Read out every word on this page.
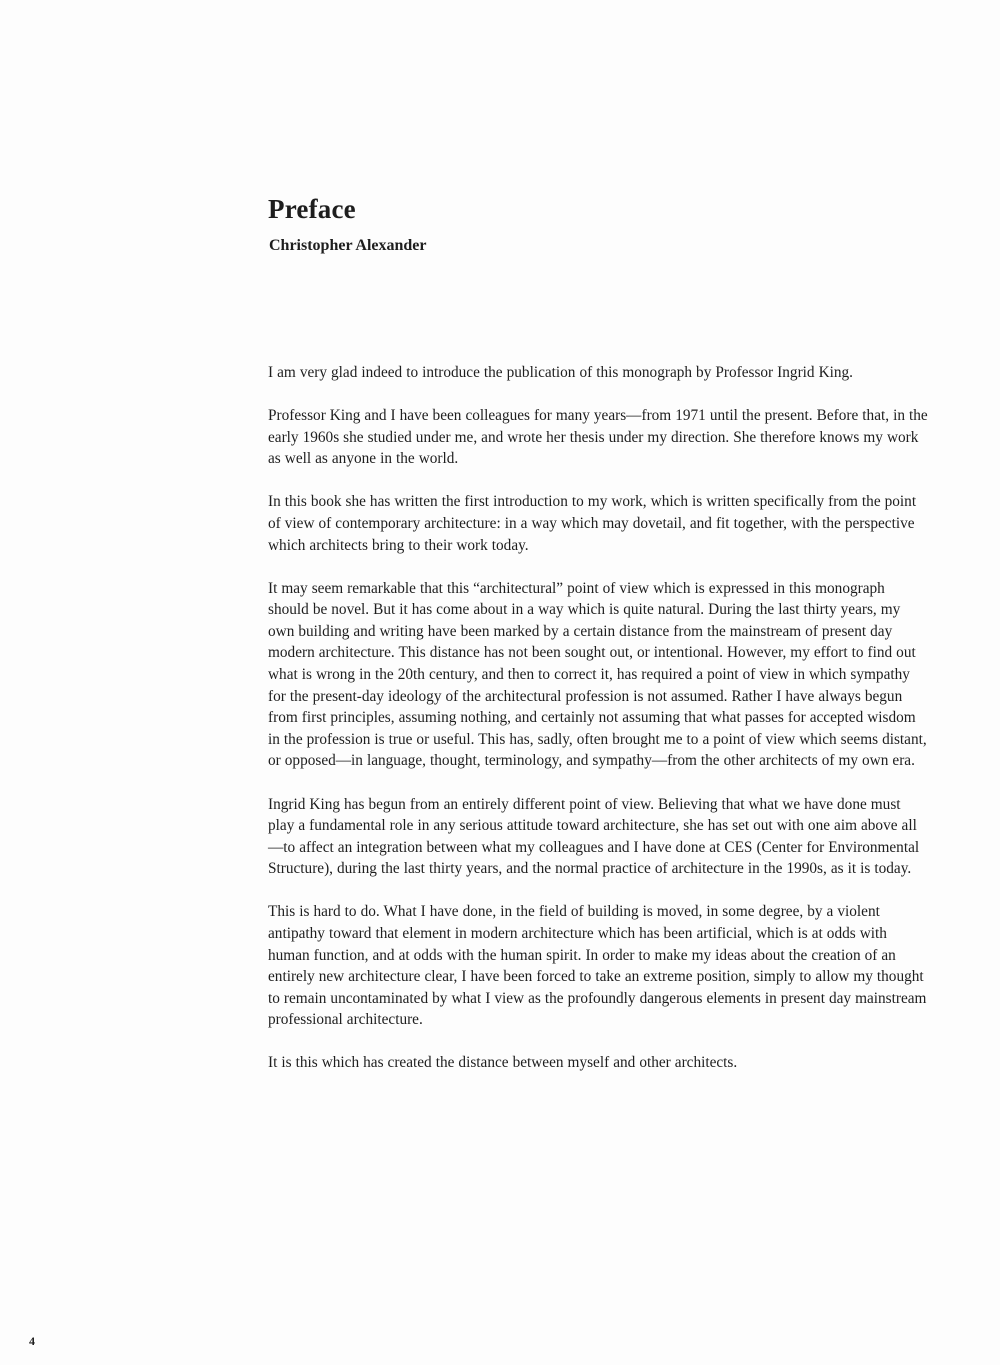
Preface
Christopher Alexander

I am very glad indeed to introduce the publication of this monograph by Professor Ingrid King.

Professor King and I have been colleagues for many years—from 1971 until the present. Before that, in the early 1960s she studied under me, and wrote her thesis under my direction. She therefore knows my work as well as anyone in the world.

In this book she has written the first introduction to my work, which is written specifically from the point of view of contemporary architecture: in a way which may dovetail, and fit together, with the perspective which architects bring to their work today.

It may seem remarkable that this “architectural” point of view which is expressed in this monograph should be novel. But it has come about in a way which is quite natural. During the last thirty years, my own building and writing have been marked by a certain distance from the mainstream of present day modern architecture. This distance has not been sought out, or intentional. However, my effort to find out what is wrong in the 20th century, and then to correct it, has required a point of view in which sympathy for the present-day ideology of the architectural profession is not assumed. Rather I have always begun from first principles, assuming nothing, and certainly not assuming that what passes for accepted wisdom in the profession is true or useful. This has, sadly, often brought me to a point of view which seems distant, or opposed—in language, thought, terminology, and sympathy—from the other architects of my own era.

Ingrid King has begun from an entirely different point of view. Believing that what we have done must play a fundamental role in any serious attitude toward architecture, she has set out with one aim above all—to affect an integration between what my colleagues and I have done at CES (Center for Environmental Structure), during the last thirty years, and the normal practice of architecture in the 1990s, as it is today.

This is hard to do. What I have done, in the field of building is moved, in some degree, by a violent antipathy toward that element in modern architecture which has been artificial, which is at odds with human function, and at odds with the human spirit. In order to make my ideas about the creation of an entirely new architecture clear, I have been forced to take an extreme position, simply to allow my thought to remain uncontaminated by what I view as the profoundly dangerous elements in present day mainstream professional architecture.

It is this which has created the distance between myself and other architects.

4
